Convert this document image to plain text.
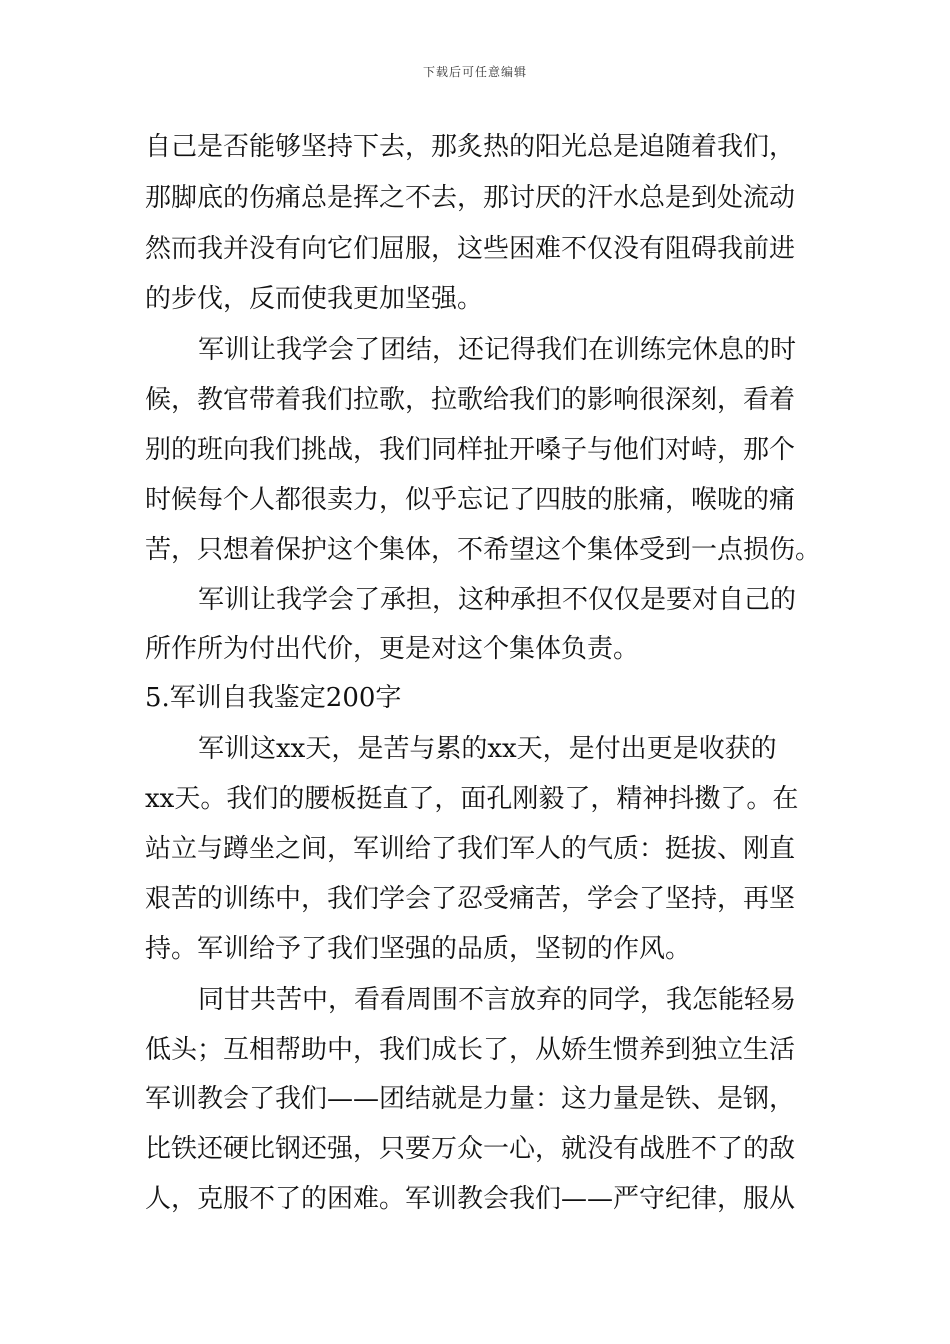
下载后可任意编辑

自己是否能够坚持下去，那炙热的阳光总是追随着我们，

那脚底的伤痛总是挥之不去，那讨厌的汗水总是到处流动

然而我并没有向它们屈服，这些困难不仅没有阻碍我前进

的步伐，反而使我更加坚强。

军训让我学会了团结，还记得我们在训练完休息的时

候，教官带着我们拉歌，拉歌给我们的影响很深刻，看着

别的班向我们挑战，我们同样扯开嗓子与他们对峙，那个

时候每个人都很卖力，似乎忘记了四肢的胀痛，喉咙的痛

苦，只想着保护这个集体，不希望这个集体受到一点损伤。

军训让我学会了承担，这种承担不仅仅是要对自己的

所作所为付出代价，更是对这个集体负责。

5.军训自我鉴定200字

军训这xx天，是苦与累的xx天，是付出更是收获的

xx天。我们的腰板挺直了，面孔刚毅了，精神抖擞了。在

站立与蹲坐之间，军训给了我们军人的气质：挺拔、刚直

艰苦的训练中，我们学会了忍受痛苦，学会了坚持，再坚

持。军训给予了我们坚强的品质，坚韧的作风。

同甘共苦中，看看周围不言放弃的同学，我怎能轻易

低头；互相帮助中，我们成长了，从娇生惯养到独立生活

军训教会了我们——团结就是力量：这力量是铁、是钢，

比铁还硬比钢还强，只要万众一心，就没有战胜不了的敌

人，克服不了的困难。军训教会我们——严守纪律，服从
